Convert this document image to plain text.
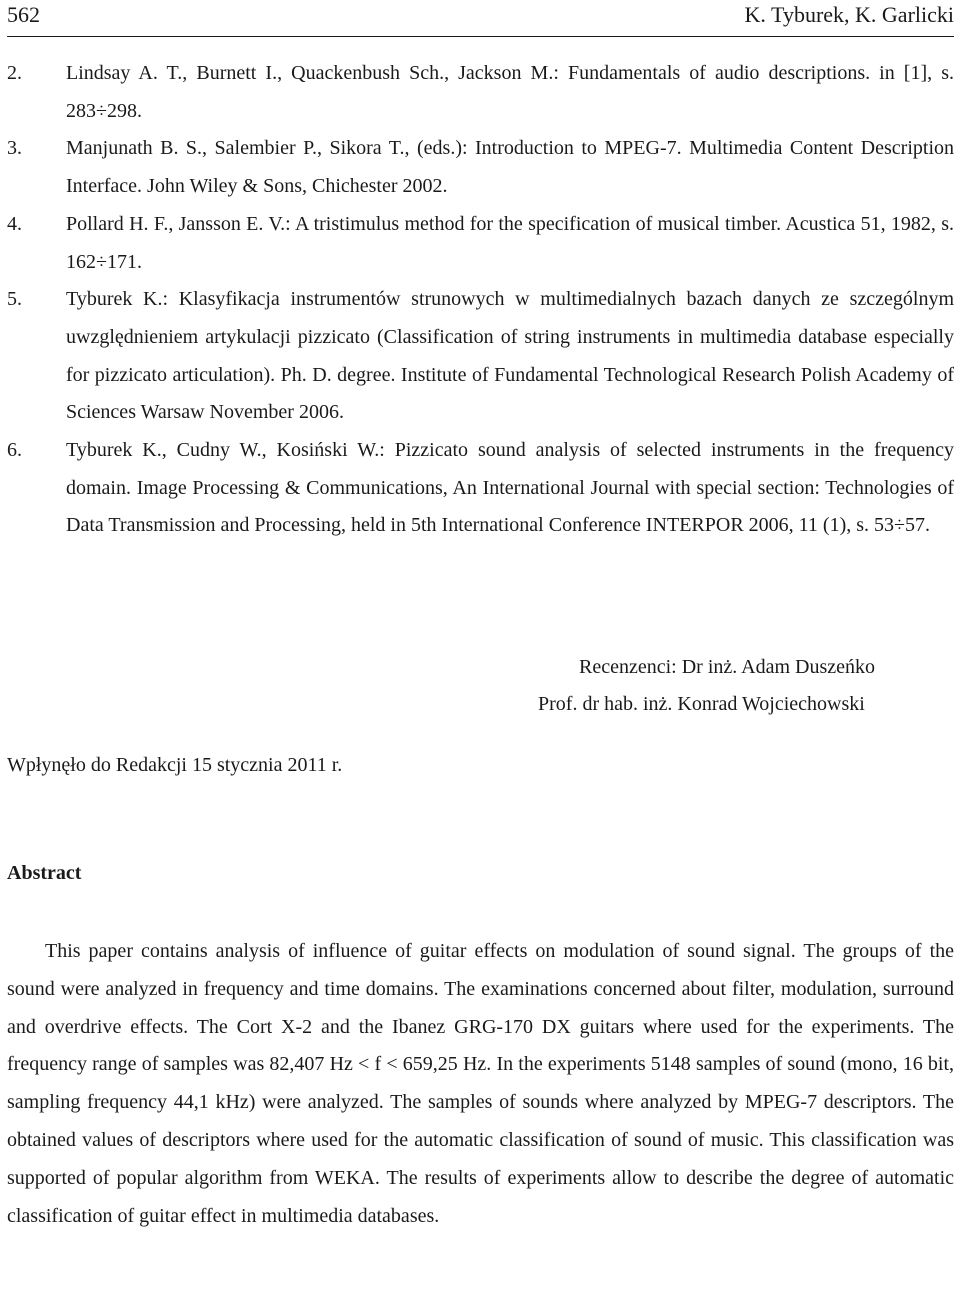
562	K. Tyburek, K. Garlicki
2. Lindsay A. T., Burnett I., Quackenbush Sch., Jackson M.: Fundamentals of audio descriptions. in [1], s. 283÷298.
3. Manjunath B. S., Salembier P., Sikora T., (eds.): Introduction to MPEG-7. Multimedia Content Description Interface. John Wiley & Sons, Chichester 2002.
4. Pollard H. F., Jansson E. V.: A tristimulus method for the specification of musical timber. Acustica 51, 1982, s. 162÷171.
5. Tyburek K.: Klasyfikacja instrumentów strunowych w multimedialnych bazach danych ze szczególnym uwzględnieniem artykulacji pizzicato (Classification of string instruments in multimedia database especially for pizzicato articulation). Ph. D. degree. Institute of Fundamental Technological Research Polish Academy of Sciences Warsaw November 2006.
6. Tyburek K., Cudny W., Kosiński W.: Pizzicato sound analysis of selected instruments in the frequency domain. Image Processing & Communications, An International Journal with special section: Technologies of Data Transmission and Processing, held in 5th International Conference INTERPOR 2006, 11 (1), s. 53÷57.
Recenzenci: Dr inż. Adam Duszeńko
Prof. dr hab. inż. Konrad Wojciechowski
Wpłynęło do Redakcji 15 stycznia 2011 r.
Abstract
This paper contains analysis of influence of guitar effects on modulation of sound signal. The groups of the sound were analyzed in frequency and time domains. The examinations concerned about filter, modulation, surround and overdrive effects. The Cort X-2 and the Ibanez GRG-170 DX guitars where used for the experiments. The frequency range of samples was 82,407 Hz < f < 659,25 Hz. In the experiments 5148 samples of sound (mono, 16 bit, sampling frequency 44,1 kHz) were analyzed. The samples of sounds where analyzed by MPEG-7 descriptors. The obtained values of descriptors where used for the automatic classification of sound of music. This classification was supported of popular algorithm from WEKA. The results of experiments allow to describe the degree of automatic classification of guitar effect in multimedia databases.
